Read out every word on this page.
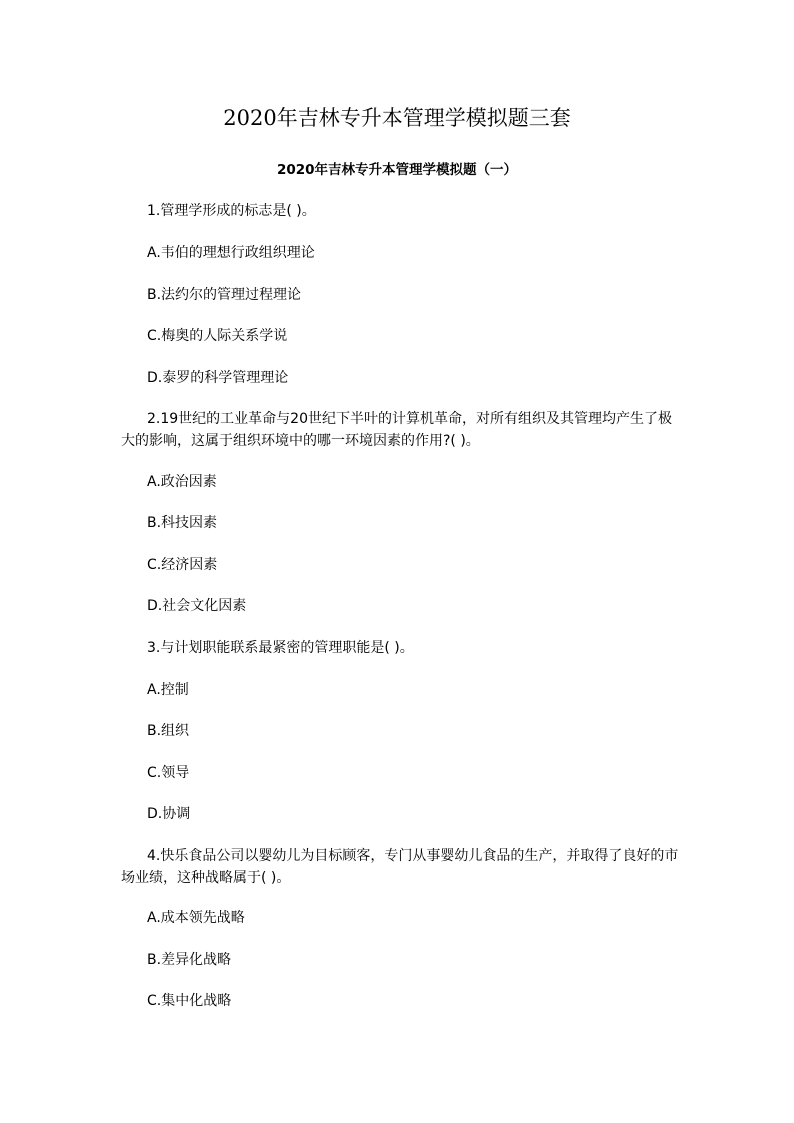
2020年吉林专升本管理学模拟题三套
2020年吉林专升本管理学模拟题（一）
1.管理学形成的标志是( )。
A.韦伯的理想行政组织理论
B.法约尔的管理过程理论
C.梅奥的人际关系学说
D.泰罗的科学管理理论
2.19世纪的工业革命与20世纪下半叶的计算机革命，对所有组织及其管理均产生了极大的影响，这属于组织环境中的哪一环境因素的作用?( )。
A.政治因素
B.科技因素
C.经济因素
D.社会文化因素
3.与计划职能联系最紧密的管理职能是( )。
A.控制
B.组织
C.领导
D.协调
4.快乐食品公司以婴幼儿为目标顾客，专门从事婴幼儿食品的生产，并取得了良好的市场业绩，这种战略属于( )。
A.成本领先战略
B.差异化战略
C.集中化战略
